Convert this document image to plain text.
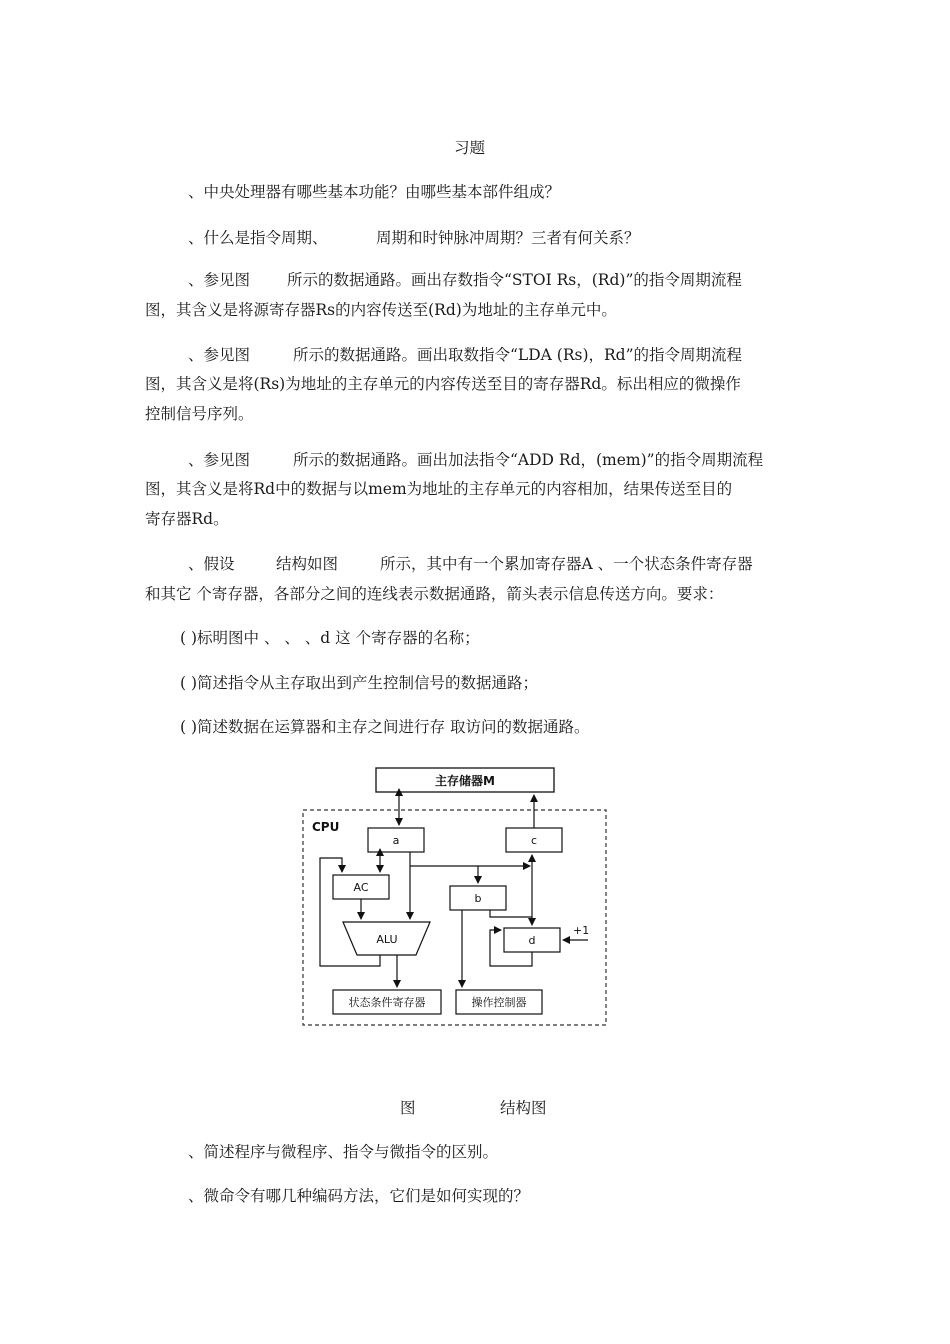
习题
、中央处理器有哪些基本功能？由哪些基本部件组成？
、什么是指令周期、	周期和时钟脉冲周期？三者有何关系？
、参见图 所示的数据通路。画出存数指令“STOI Rs，(Rd)”的指令周期流程
图，其含义是将源寄存器Rs的内容传送至(Rd)为地址的主存单元中。
、参见图	所示的数据通路。画出取数指令“LDA (Rs)，Rd”的指令周期流程
图，其含义是将(Rs)为地址的主存单元的内容传送至目的寄存器Rd。标出相应的微操作
控制信号序列。
、参见图	所示的数据通路。画出加法指令“ADD Rd，(mem)”的指令周期流程
图，其含义是将Rd中的数据与以mem为地址的主存单元的内容相加，结果传送至目的
寄存器Rd。
、假设	结构如图	所示，其中有一个累加寄存器A 、一个状态条件寄存器
和其它 个寄存器，各部分之间的连线表示数据通路，箭头表示信息传送方向。要求：
( )标明图中 、 、 、d 这 个寄存器的名称；
( )简述指令从主存取出到产生控制信号的数据通路；
( )简述数据在运算器和主存之间进行存 取访问的数据通路。
CPU
主存储器M
a	c
AC
b
d
ALU
状态条件寄存器	操作控制器
+1
图	结构图
、简述程序与微程序、指令与微指令的区别。
、微命令有哪几种编码方法，它们是如何实现的？
